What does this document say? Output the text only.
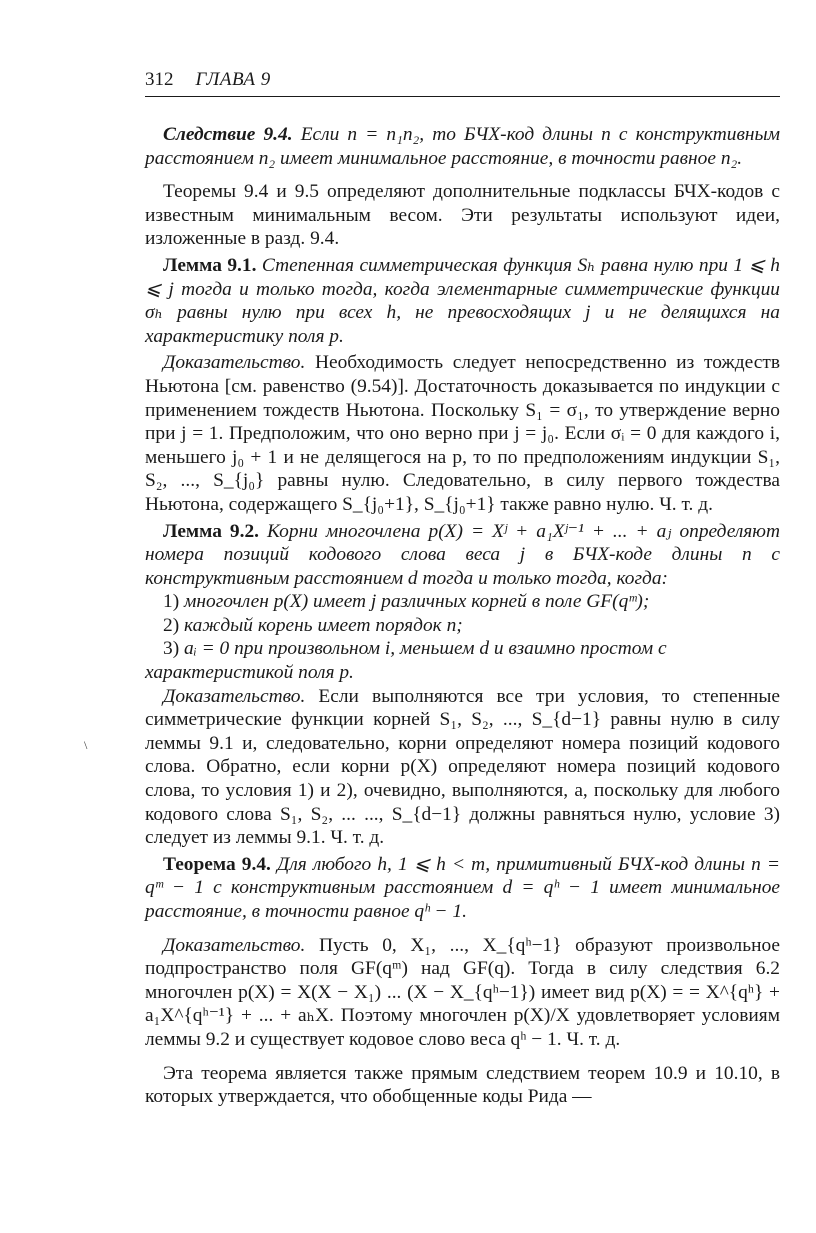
312 ГЛАВА 9

Следствие 9.4. Если n = n₁n₂, то БЧХ-код длины n с конструктивным расстоянием n₂ имеет минимальное расстояние, в точности равное n₂.

Теоремы 9.4 и 9.5 определяют дополнительные подклассы БЧХ-кодов с известным минимальным весом. Эти результаты используют идеи, изложенные в разд. 9.4.

Лемма 9.1. Степенная симметрическая функция Sₕ равна нулю при 1 ⩽ h ⩽ j тогда и только тогда, когда элементарные симметрические функции σₕ равны нулю при всех h, не превосходящих j и не делящихся на характеристику поля p.

Доказательство. Необходимость следует непосредственно из тождеств Ньютона [см. равенство (9.54)]. Достаточность доказывается по индукции с применением тождеств Ньютона. Поскольку S₁ = σ₁, то утверждение верно при j = 1. Предположим, что оно верно при j = j₀. Если σᵢ = 0 для каждого i, меньшего j₀ + 1 и не делящегося на p, то по предположениям индукции S₁, S₂, ..., S_{j₀} равны нулю. Следовательно, в силу первого тождества Ньютона, содержащего S_{j₀+1}, S_{j₀+1} также равно нулю. Ч. т. д.

Лемма 9.2. Корни многочлена p(X) = Xʲ + a₁Xʲ⁻¹ + ... + aⱼ определяют номера позиций кодового слова веса j в БЧХ-коде длины n с конструктивным расстоянием d тогда и только тогда, когда:

1) многочлен p(X) имеет j различных корней в поле GF(qᵐ);

2) каждый корень имеет порядок n;

3) aᵢ = 0 при произвольном i, меньшем d и взаимно простом с характеристикой поля p.

Доказательство. Если выполняются все три условия, то степенные симметрические функции корней S₁, S₂, ..., S_{d−1} равны нулю в силу леммы 9.1 и, следовательно, корни определяют номера позиций кодового слова. Обратно, если корни p(X) определяют номера позиций кодового слова, то условия 1) и 2), очевидно, выполняются, а, поскольку для любого кодового слова S₁, S₂, ... ..., S_{d−1} должны равняться нулю, условие 3) следует из леммы 9.1. Ч. т. д.

Теорема 9.4. Для любого h, 1 ⩽ h < m, примитивный БЧХ-код длины n = qᵐ − 1 с конструктивным расстоянием d = qʰ − 1 имеет минимальное расстояние, в точности равное qʰ − 1.

Доказательство. Пусть 0, X₁, ..., X_{qʰ−1} образуют произвольное подпространство поля GF(qᵐ) над GF(q). Тогда в силу следствия 6.2 многочлен p(X) = X(X − X₁) ... (X − X_{qʰ−1}) имеет вид p(X) = = X^{qʰ} + a₁X^{qʰ⁻¹} + ... + aₕX. Поэтому многочлен p(X)/X удовлетворяет условиям леммы 9.2 и существует кодовое слово веса qʰ − 1. Ч. т. д.

Эта теорема является также прямым следствием теорем 10.9 и 10.10, в которых утверждается, что обобщенные коды Рида —

\
